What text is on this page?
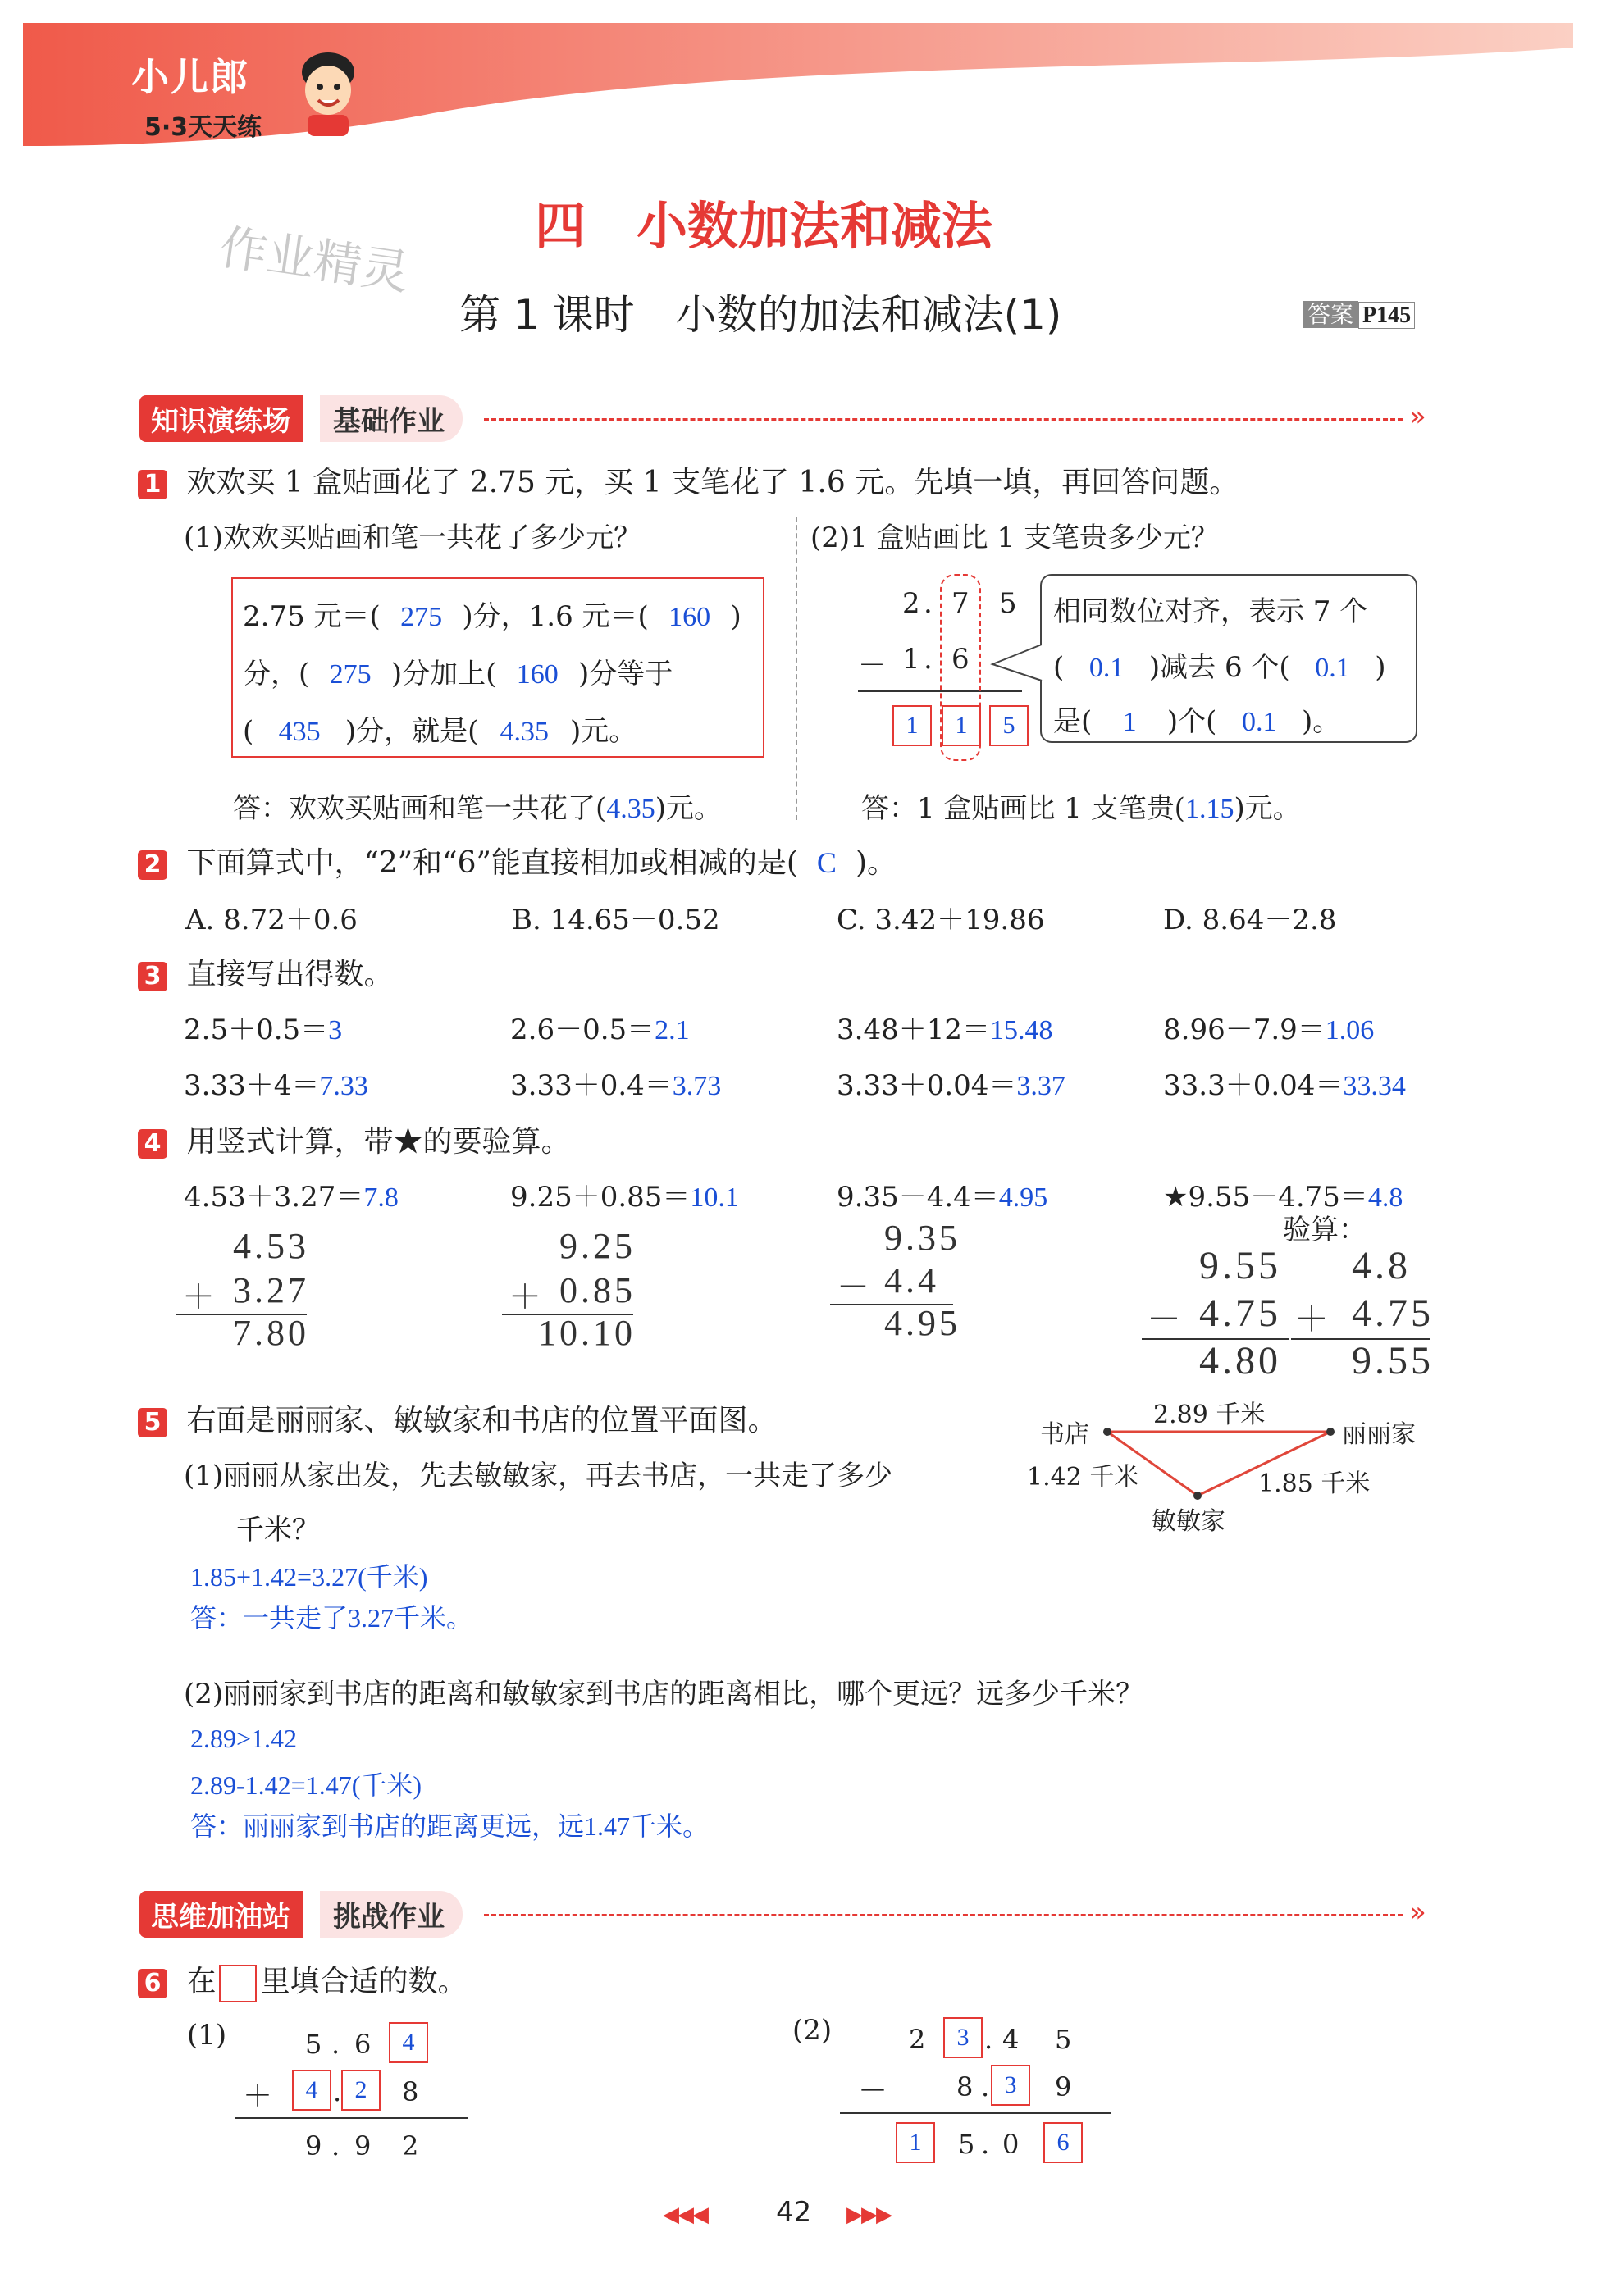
小儿郎
5·3天天练
作业精灵 四　小数加法和减法
第 1 课时　小数的加法和减法(1)	答案 P145
知识演练场	基础作业	»
1 欢欢买 1 盒贴画花了 2.75 元，买 1 支笔花了 1.6 元。先填一填，再回答问题。
(1)欢欢买贴画和笔一共花了多少元？
2.75 元＝( 275 )分，1.6 元＝( 160 )
分，( 275 )分加上( 160 )分等于
( 435 )分，就是( 4.35 )元。
答：欢欢买贴画和笔一共花了(4.35)元。
(2)1 盒贴画比 1 支笔贵多少元？
2 . 7 5
－ 1 . 6
1	1	5
相同数位对齐，表示 7 个
( 0.1 )减去 6 个( 0.1 )
是( 1 )个( 0.1 )。
答：1 盒贴画比 1 支笔贵(1.15)元。
2 下面算式中，“2”和“6”能直接相加或相减的是( C )。
A. 8.72＋0.6	B. 14.65－0.52	C. 3.42＋19.86	D. 8.64－2.8
3 直接写出得数。
2.5＋0.5＝3	2.6－0.5＝2.1	3.48＋12＝15.48	8.96－7.9＝1.06
3.33＋4＝7.33	3.33＋0.4＝3.73	3.33＋0.04＝3.37	33.3＋0.04＝33.34
4 用竖式计算，带★的要验算。
4.53＋3.27＝7.8	9.25＋0.85＝10.1	9.35－4.4＝4.95	★9.55－4.75＝4.8
4.53
＋ 3.27
7.80
9.25
＋ 0.85
10.10
9.35
－ 4.4
4.95
验算：
9.55
－ 4.75
4.80
4.8
＋ 4.75
9.55
5 右面是丽丽家、敏敏家和书店的位置平面图。	书店	丽丽家
敏敏家
2.89 千米
1.42 千米	1.85 千米
(1)丽丽从家出发，先去敏敏家，再去书店，一共走了多少
千米？
1.85+1.42=3.27(千米)
答：一共走了3.27千米。
(2)丽丽家到书店的距离和敏敏家到书店的距离相比，哪个更远？远多少千米？
2.89>1.42
2.89-1.42=1.47(千米)
答：丽丽家到书店的距离更远，远1.47千米。
思维加油站	挑战作业	»
6 在 里填合适的数。
(1)	5 . 6	4
＋	4 . 2	8
9 . 9 2
(2)	2	3 . 4 5
－	8 . 3	9
1	5 . 0	6
◀◀◀ 42 ▶▶▶
